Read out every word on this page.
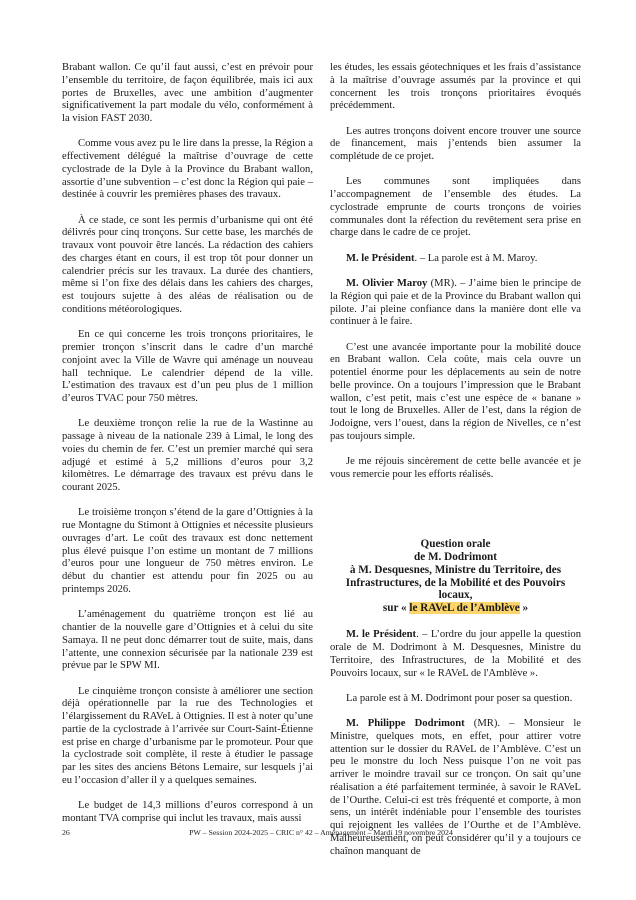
Brabant wallon. Ce qu’il faut aussi, c’est en prévoir pour l’ensemble du territoire, de façon équilibrée, mais ici aux portes de Bruxelles, avec une ambition d’augmenter significativement la part modale du vélo, conformément à la vision FAST 2030.

Comme vous avez pu le lire dans la presse, la Région a effectivement délégué la maîtrise d’ouvrage de cette cyclostrade de la Dyle à la Province du Brabant wallon, assortie d’une subvention – c’est donc la Région qui paie – destinée à couvrir les premières phases des travaux.

À ce stade, ce sont les permis d’urbanisme qui ont été délivrés pour cinq tronçons. Sur cette base, les marchés de travaux vont pouvoir être lancés. La rédaction des cahiers des charges étant en cours, il est trop tôt pour donner un calendrier précis sur les travaux. La durée des chantiers, même si l’on fixe des délais dans les cahiers des charges, est toujours sujette à des aléas de réalisation ou de conditions météorologiques.

En ce qui concerne les trois tronçons prioritaires, le premier tronçon s’inscrit dans le cadre d’un marché conjoint avec la Ville de Wavre qui aménage un nouveau hall technique. Le calendrier dépend de la ville. L’estimation des travaux est d’un peu plus de 1 million d’euros TVAC pour 750 mètres.

Le deuxième tronçon relie la rue de la Wastinne au passage à niveau de la nationale 239 à Limal, le long des voies du chemin de fer. C’est un premier marché qui sera adjugé et estimé à 5,2 millions d’euros pour 3,2 kilomètres. Le démarrage des travaux est prévu dans le courant 2025.

Le troisième tronçon s’étend de la gare d’Ottignies à la rue Montagne du Stimont à Ottignies et nécessite plusieurs ouvrages d’art. Le coût des travaux est donc nettement plus élevé puisque l’on estime un montant de 7 millions d’euros pour une longueur de 750 mètres environ. Le début du chantier est attendu pour fin 2025 ou au printemps 2026.

L’aménagement du quatrième tronçon est lié au chantier de la nouvelle gare d’Ottignies et à celui du site Samaya. Il ne peut donc démarrer tout de suite, mais, dans l’attente, une connexion sécurisée par la nationale 239 est prévue par le SPW MI.

Le cinquième tronçon consiste à améliorer une section déjà opérationnelle par la rue des Technologies et l’élargissement du RAVeL à Ottignies. Il est à noter qu’une partie de la cyclostrade à l’arrivée sur Court-Saint-Étienne est prise en charge d’urbanisme par le promoteur. Pour que la cyclostrade soit complète, il reste à étudier le passage par les sites des anciens Bétons Lemaire, sur lesquels j’ai eu l’occasion d’aller il y a quelques semaines.

Le budget de 14,3 millions d’euros correspond à un montant TVA comprise qui inclut les travaux, mais aussi

les études, les essais géotechniques et les frais d’assistance à la maîtrise d’ouvrage assumés par la province et qui concernent les trois tronçons prioritaires évoqués précédemment.

Les autres tronçons doivent encore trouver une source de financement, mais j’entends bien assumer la complétude de ce projet.

Les communes sont impliquées dans l’accompagnement de l’ensemble des études. La cyclostrade emprunte de courts tronçons de voiries communales dont la réfection du revêtement sera prise en charge dans le cadre de ce projet.

M. le Président. – La parole est à M. Maroy.

M. Olivier Maroy (MR). – J’aime bien le principe de la Région qui paie et de la Province du Brabant wallon qui pilote. J’ai pleine confiance dans la manière dont elle va continuer à le faire.

C’est une avancée importante pour la mobilité douce en Brabant wallon. Cela coûte, mais cela ouvre un potentiel énorme pour les déplacements au sein de notre belle province. On a toujours l’impression que le Brabant wallon, c’est petit, mais c’est une espèce de « banane » tout le long de Bruxelles. Aller de l’est, dans la région de Jodoigne, vers l’ouest, dans la région de Nivelles, ce n’est pas toujours simple.

Je me réjouis sincèrement de cette belle avancée et je vous remercie pour les efforts réalisés.

Question orale
de M. Dodrimont
à M. Desquesnes, Ministre du Territoire, des Infrastructures, de la Mobilité et des Pouvoirs locaux,
sur « le RAVeL de l’Amblève »

M. le Président. – L’ordre du jour appelle la question orale de M. Dodrimont à M. Desquesnes, Ministre du Territoire, des Infrastructures, de la Mobilité et des Pouvoirs locaux, sur « le RAVeL de l'Amblève ».

La parole est à M. Dodrimont pour poser sa question.

M. Philippe Dodrimont (MR). – Monsieur le Ministre, quelques mots, en effet, pour attirer votre attention sur le dossier du RAVeL de l’Amblève. C’est un peu le monstre du loch Ness puisque l’on ne voit pas arriver le moindre travail sur ce tronçon. On sait qu’une réalisation a été parfaitement terminée, à savoir le RAVeL de l’Ourthe. Celui-ci est très fréquenté et comporte, à mon sens, un intérêt indéniable pour l’ensemble des touristes qui rejoignent les vallées de l’Ourthe et de l’Amblève. Malheureusement, on peut considérer qu’il y a toujours ce chaînon manquant de

26	PW – Session 2024-2025 – CRIC n° 42 – Aménagement – Mardi 19 novembre 2024
